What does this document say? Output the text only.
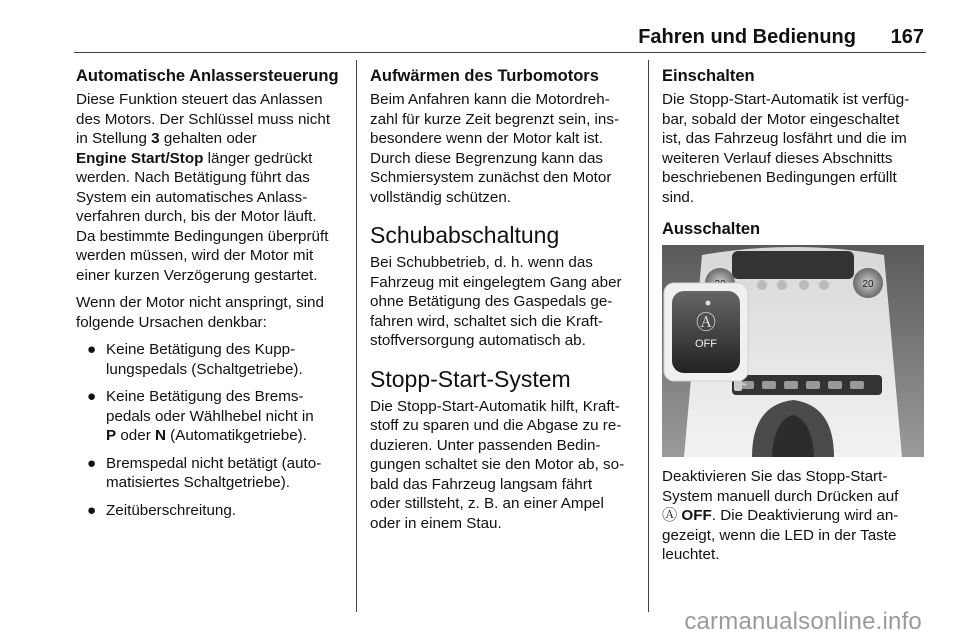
Fahren und Bedienung 167
Automatische Anlassersteuerung

Diese Funktion steuert das Anlassen
des Motors. Der Schlüssel muss nicht
in Stellung 3 gehalten oder
Engine Start/Stop länger gedrückt
werden. Nach Betätigung führt das
System ein automatisches Anlass-
verfahren durch, bis der Motor läuft.
Da bestimmte Bedingungen überprüft
werden müssen, wird der Motor mit
einer kurzen Verzögerung gestartet.

Wenn der Motor nicht anspringt, sind
folgende Ursachen denkbar:

● Keine Betätigung des Kupp-
lungspedals (Schaltgetriebe).
● Keine Betätigung des Brems-
pedals oder Wählhebel nicht in
P oder N (Automatikgetriebe).
● Bremspedal nicht betätigt (auto-
matisiertes Schaltgetriebe).
● Zeitüberschreitung.
Aufwärmen des Turbomotors

Beim Anfahren kann die Motordreh-
zahl für kurze Zeit begrenzt sein, ins-
besondere wenn der Motor kalt ist.
Durch diese Begrenzung kann das
Schmiersystem zunächst den Motor
vollständig schützen.

Schubabschaltung

Bei Schubbetrieb, d. h. wenn das
Fahrzeug mit eingelegtem Gang aber
ohne Betätigung des Gaspedals ge-
fahren wird, schaltet sich die Kraft-
stoffversorgung automatisch ab.

Stopp-Start-System

Die Stopp-Start-Automatik hilft, Kraft-
stoff zu sparen und die Abgase zu re-
duzieren. Unter passenden Bedin-
gungen schaltet sie den Motor ab, so-
bald das Fahrzeug langsam fährt
oder stillsteht, z. B. an einer Ampel
oder in einem Stau.

Einschalten

Die Stopp-Start-Automatik ist verfüg-
bar, sobald der Motor eingeschaltet
ist, das Fahrzeug losfährt und die im
weiteren Verlauf dieses Abschnitts
beschriebenen Bedingungen erfüllt
sind.

Ausschalten
20
Ⓐ
OFF

Deaktivieren Sie das Stopp-Start-
System manuell durch Drücken auf
Ⓐ OFF. Die Deaktivierung wird an-
gezeigt, wenn die LED in der Taste
leuchtet.

carmanualsonline.info
